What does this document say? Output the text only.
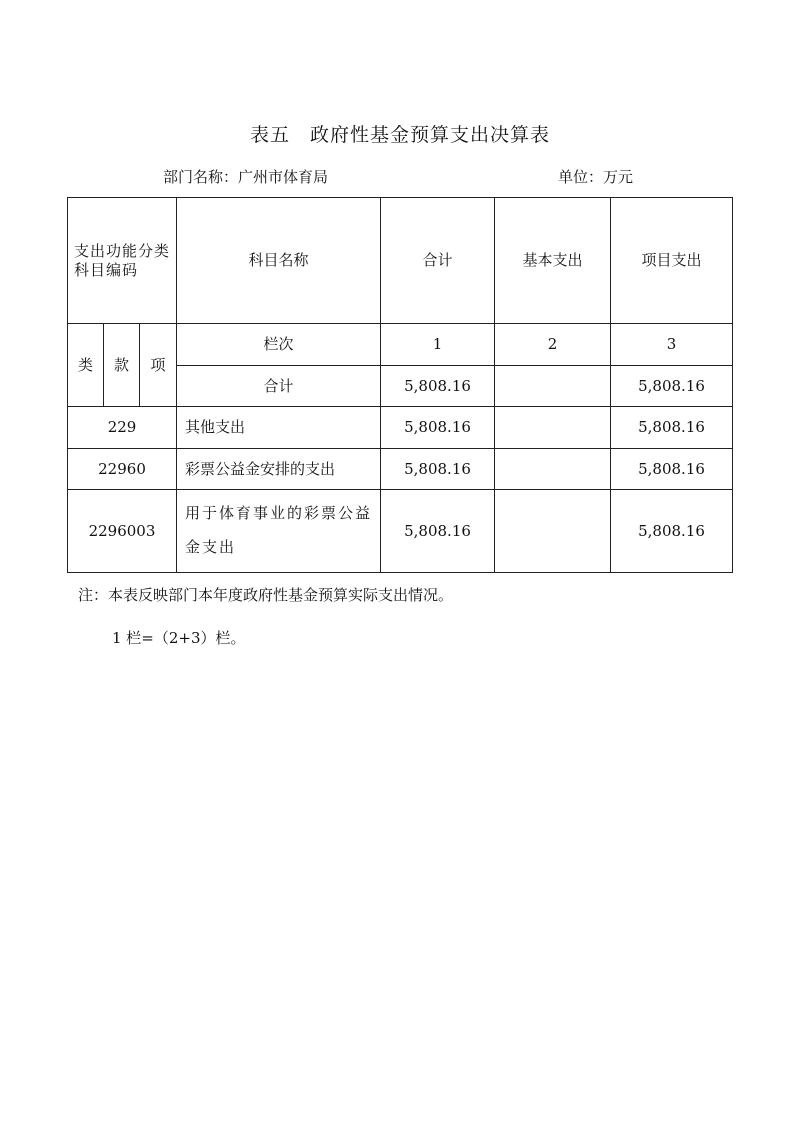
表五　政府性基金预算支出决算表
部门名称：广州市体育局	单位：万元
支出功能分类科目编码			科目名称	合计	基本支出	项目支出
类	款	项	栏次	1	2	3
			合计	5,808.16		5,808.16
229			其他支出	5,808.16		5,808.16
22960			彩票公益金安排的支出	5,808.16		5,808.16
2296003			用于体育事业的彩票公益金支出	5,808.16		5,808.16
注：本表反映部门本年度政府性基金预算实际支出情况。
1 栏=（2+3）栏。
